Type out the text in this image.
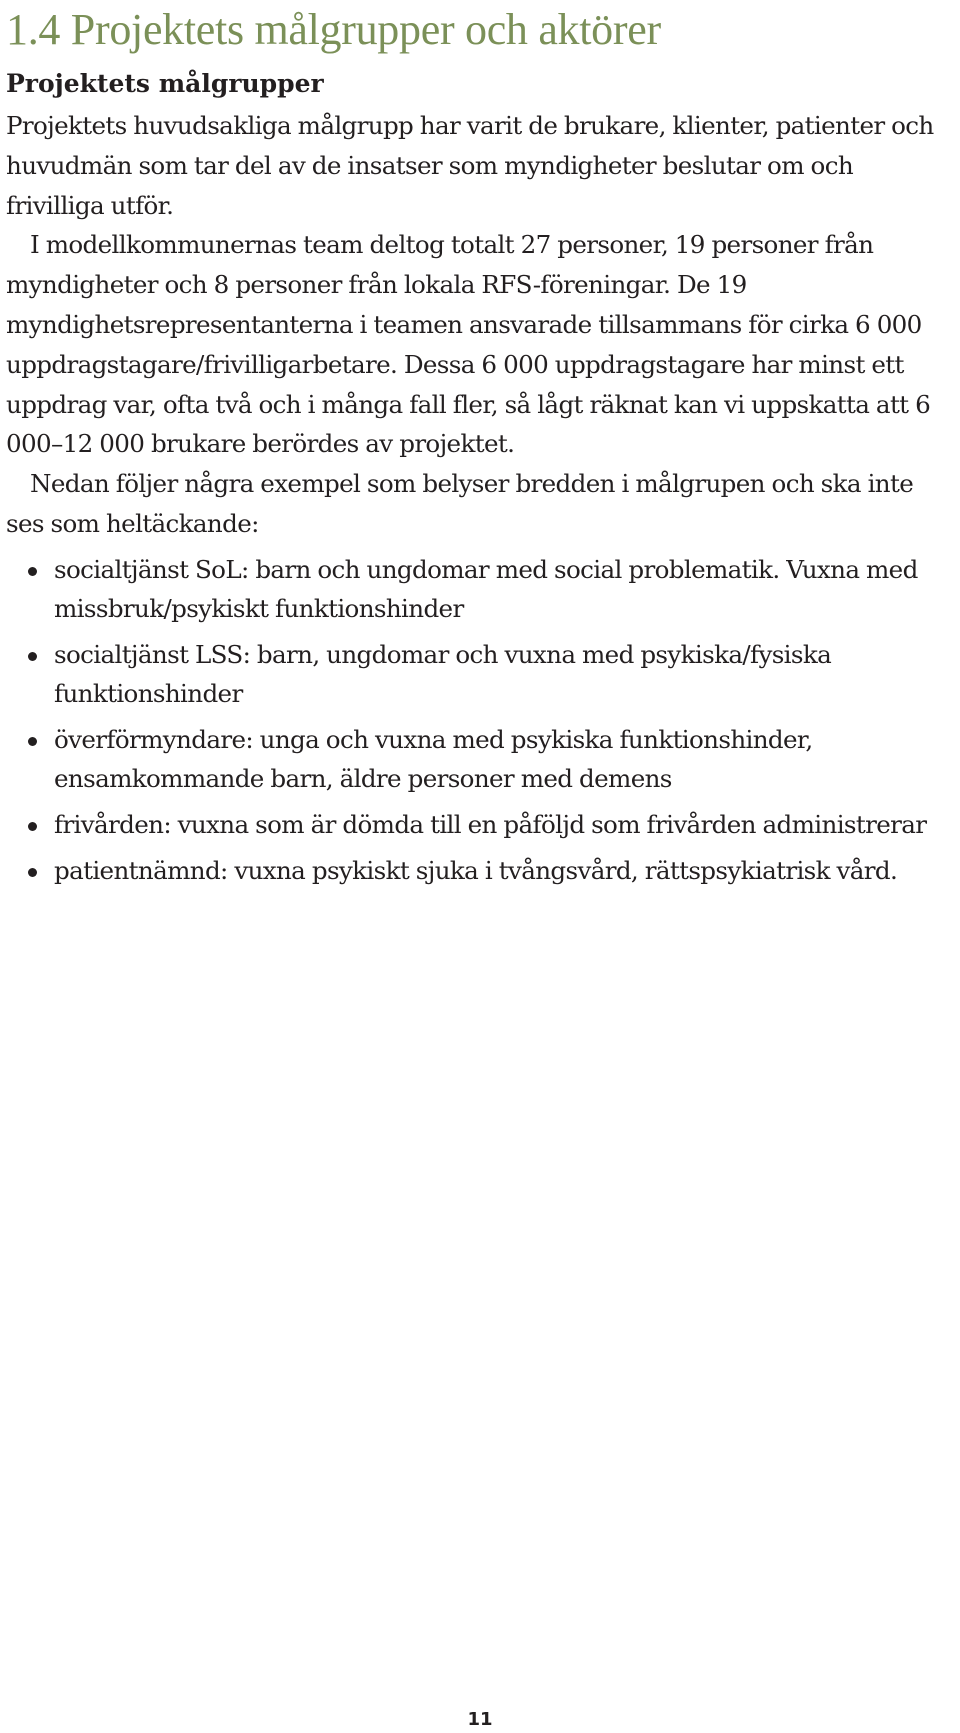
1.4 Projektets målgrupper och aktörer
Projektets målgrupper

Projektets huvudsakliga målgrupp har varit de brukare, klienter, patienter och huvudmän som tar del av de insatser som myndigheter beslutar om och frivilliga utför.

I modellkommunernas team deltog totalt 27 personer, 19 personer från myndigheter och 8 personer från lokala RFS-föreningar. De 19 myndighetsrepresentanterna i teamen ansvarade tillsammans för cirka 6 000 uppdragstagare/frivilligarbetare. Dessa 6 000 uppdragstagare har minst ett uppdrag var, ofta två och i många fall fler, så lågt räknat kan vi uppskatta att 6 000–12 000 brukare berördes av projektet.

Nedan följer några exempel som belyser bredden i målgrupen och ska inte ses som heltäckande:

socialtjänst SoL: barn och ungdomar med social problematik. Vuxna med missbruk/psykiskt funktionshinder
socialtjänst LSS: barn, ungdomar och vuxna med psykiska/fysiska funktionshinder
överförmyndare: unga och vuxna med psykiska funktionshinder, ensamkommande barn, äldre personer med demens
frivården: vuxna som är dömda till en påföljd som frivården administrerar
patientnämnd: vuxna psykiskt sjuka i tvångsvård, rättspsykiatrisk vård.
11
